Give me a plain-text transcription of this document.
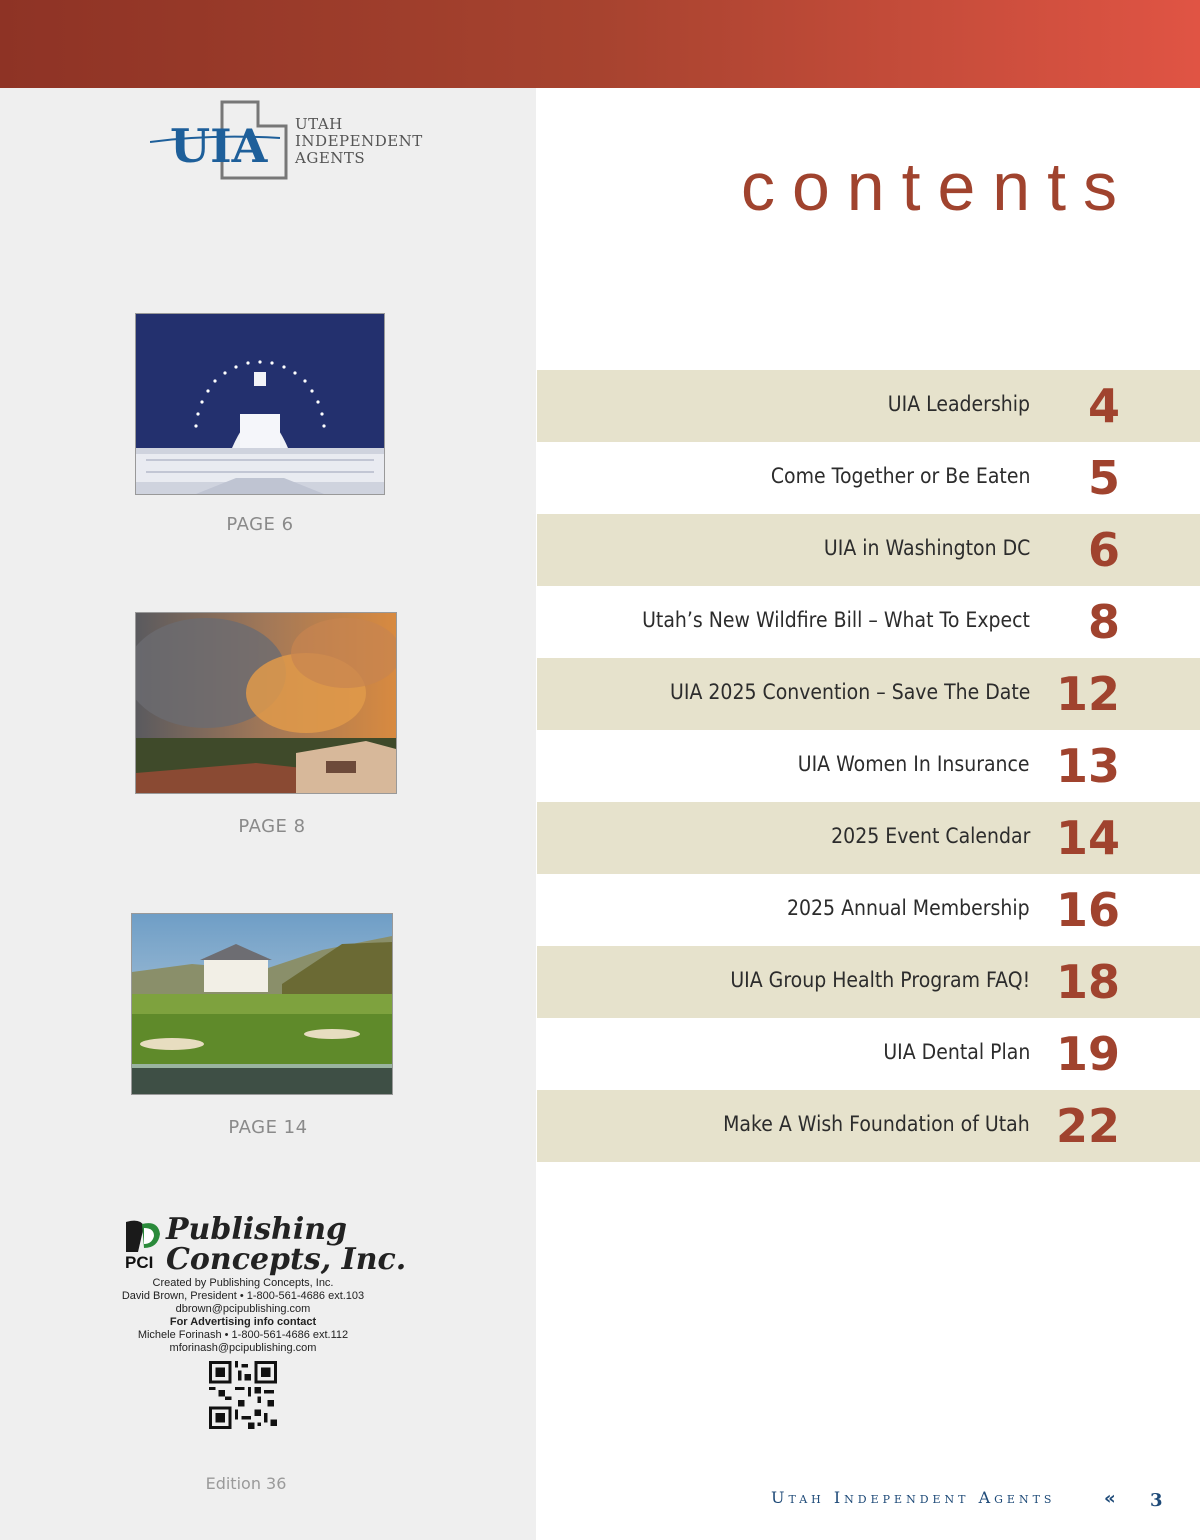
UIA UTAH
INDEPENDENT
AGENTS
PAGE 6
PAGE 8
PAGE 14
PCI
Publishing
Concepts, Inc.
Created by Publishing Concepts, Inc.
David Brown, President • 1-800-561-4686 ext.103
dbrown@pcipublishing.com
For Advertising info contact
Michele Forinash • 1-800-561-4686 ext.112
mforinash@pcipublishing.com
Edition 36
contents
UIA Leadership	4
Come Together or Be Eaten	5
UIA in Washington DC	6
Utah’s New Wildfire Bill – What To Expect	8
UIA 2025 Convention – Save The Date 12
UIA Women In Insurance 13
2025 Event Calendar 14
2025 Annual Membership 16
UIA Group Health Program FAQ! 18
UIA Dental Plan 19
Make A Wish Foundation of Utah 22
Utah Independent Agents	« 3
